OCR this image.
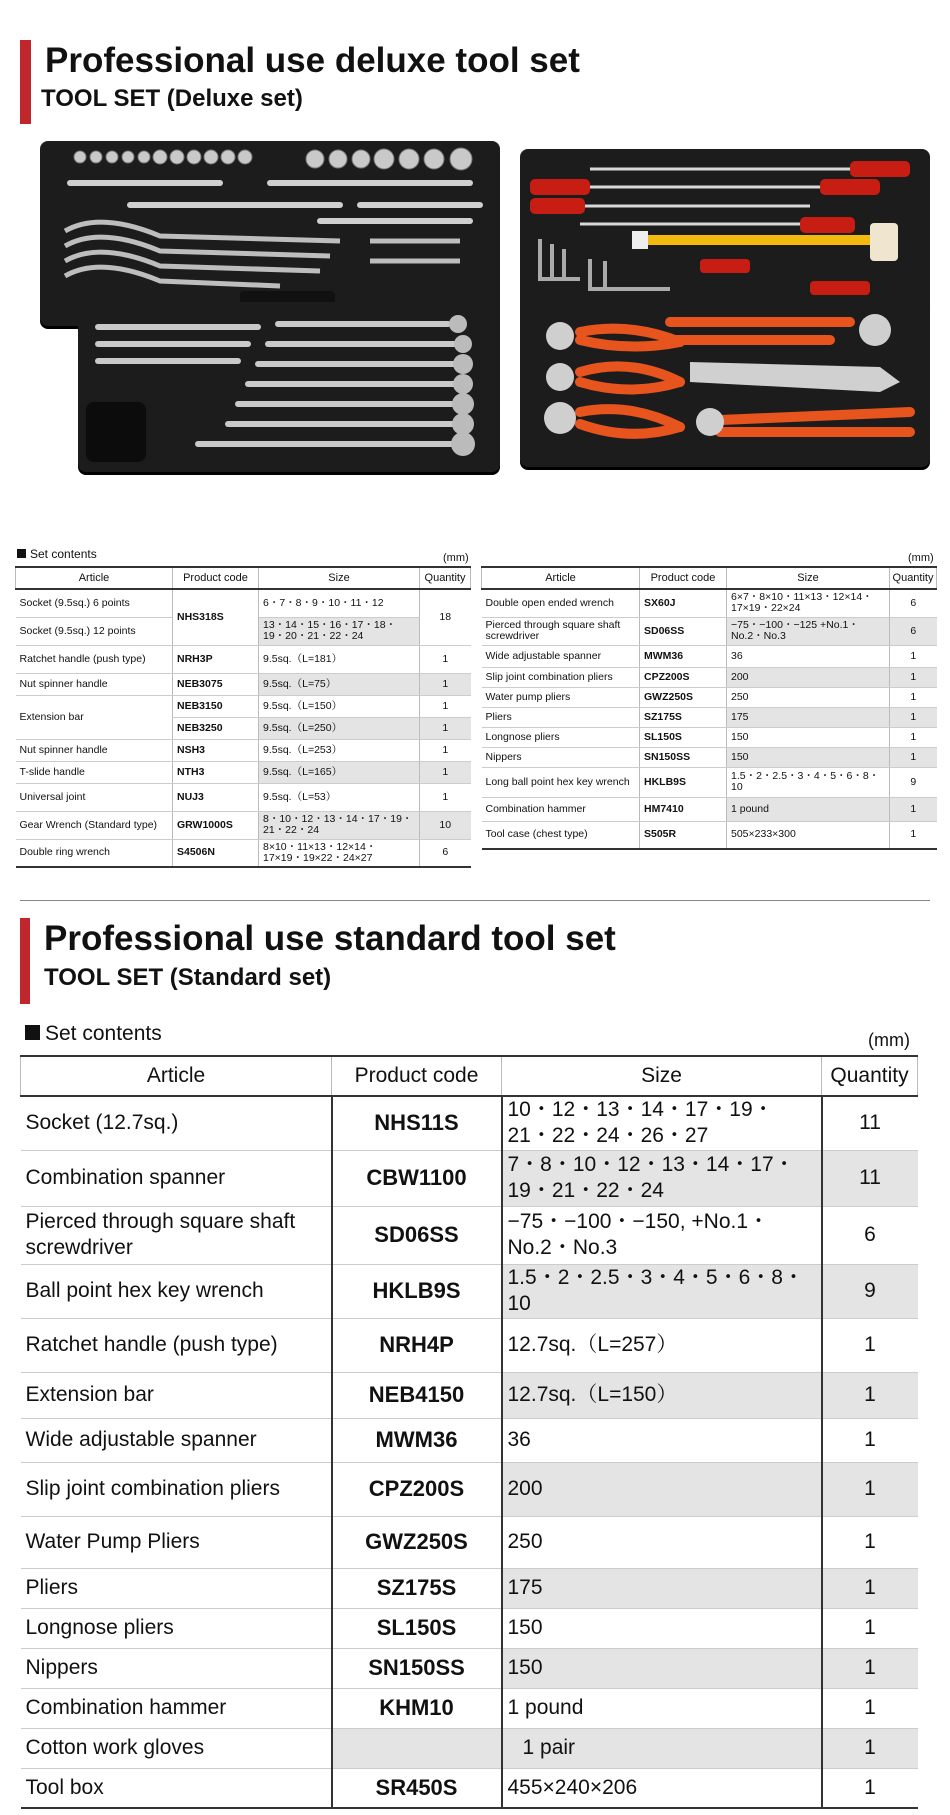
Professional use deluxe tool set
TOOL SET (Deluxe set)
Set contents	(mm)	(mm)
Article	Product code	Size	Quantity
Socket (9.5sq.) 6 points	NHS318S	6・7・8・9・10・11・12	18
Socket (9.5sq.) 12 points		13・14・15・16・17・18・19・20・21・22・24	
Ratchet handle (push type)	NRH3P	9.5sq.（L=181）	1
Nut spinner handle	NEB3075	9.5sq.（L=75）	1
Extension bar	NEB3150	9.5sq.（L=150）	1
	NEB3250	9.5sq.（L=250）	1
Nut spinner handle	NSH3	9.5sq.（L=253）	1
T-slide handle	NTH3	9.5sq.（L=165）	1
Universal joint	NUJ3	9.5sq.（L=53）	1
Gear Wrench (Standard type)	GRW1000S	8・10・12・13・14・17・19・21・22・24	10
Double ring wrench	S4506N	8×10・11×13・12×14・17×19・19×22・24×27	6
Article	Product code	Size	Quantity
Double open ended wrench	SX60J	6×7・8×10・11×13・12×14・17×19・22×24	6
Pierced through square shaft screwdriver	SD06SS	−75・−100・−125 +No.1・No.2・No.3	6
Wide adjustable spanner	MWM36	36	1
Slip joint combination pliers	CPZ200S	200	1
Water pump pliers	GWZ250S	250	1
Pliers	SZ175S	175	1
Longnose pliers	SL150S	150	1
Nippers	SN150SS	150	1
Long ball point hex key wrench	HKLB9S	1.5・2・2.5・3・4・5・6・8・10	9
Combination hammer	HM7410	1 pound	1
Tool case (chest type)	S505R	505×233×300	1
Professional use standard tool set
TOOL SET (Standard set)
Set contents	(mm)
Article	Product code	Size	Quantity
Socket (12.7sq.)	NHS11S	10・12・13・14・17・19・21・22・24・26・27	11
Combination spanner	CBW1100	7・8・10・12・13・14・17・19・21・22・24	11
Pierced through square shaft screwdriver	SD06SS	−75・−100・−150, +No.1・No.2・No.3	6
Ball point hex key wrench	HKLB9S	1.5・2・2.5・3・4・5・6・8・10	9
Ratchet handle (push type)	NRH4P	12.7sq.（L=257）	1
Extension bar	NEB4150	12.7sq.（L=150）	1
Wide adjustable spanner	MWM36	36	1
Slip joint combination pliers	CPZ200S	200	1
Water Pump Pliers	GWZ250S	250	1
Pliers	SZ175S	175	1
Longnose pliers	SL150S	150	1
Nippers	SN150SS	150	1
Combination hammer	KHM10	1 pound	1
Cotton work gloves		1 pair	1
Tool box	SR450S	455×240×206	1
